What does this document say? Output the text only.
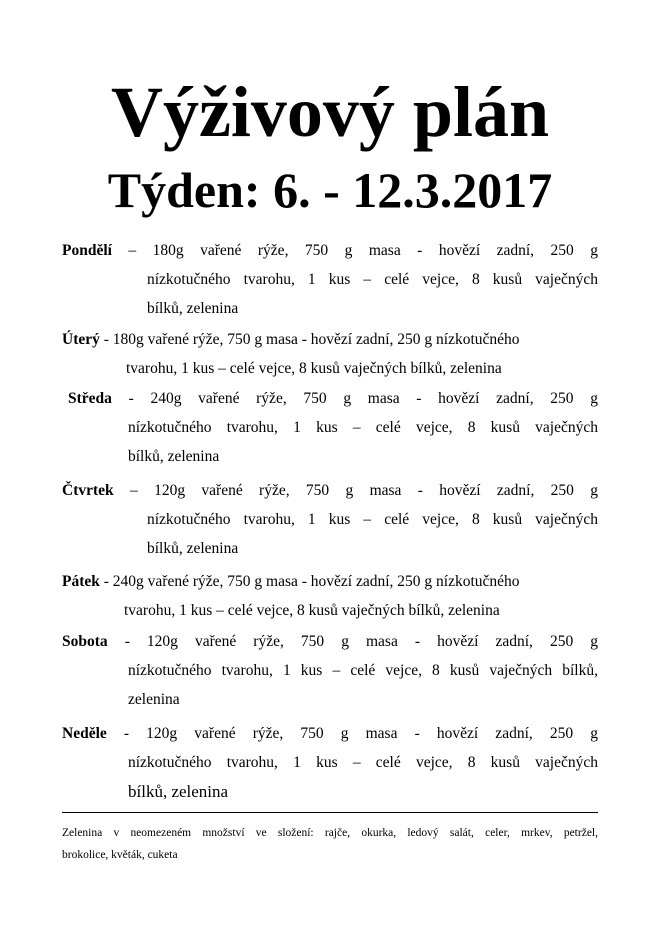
Výživový plán
Týden: 6. - 12.3.2017
Pondělí – 180g vařené rýže, 750 g masa - hovězí zadní, 250 g
nízkotučného tvarohu, 1 kus – celé vejce, 8 kusů vaječných
bílků, zelenina
Úterý - 180g vařené rýže, 750 g masa - hovězí zadní, 250 g nízkotučného
tvarohu, 1 kus – celé vejce, 8 kusů vaječných bílků, zelenina
Středa - 240g vařené rýže, 750 g masa - hovězí zadní, 250 g
nízkotučného tvarohu, 1 kus – celé vejce, 8 kusů vaječných
bílků, zelenina
Čtvrtek – 120g vařené rýže, 750 g masa - hovězí zadní, 250 g
nízkotučného tvarohu, 1 kus – celé vejce, 8 kusů vaječných
bílků, zelenina
Pátek - 240g vařené rýže, 750 g masa - hovězí zadní, 250 g nízkotučného
tvarohu, 1 kus – celé vejce, 8 kusů vaječných bílků, zelenina
Sobota - 120g vařené rýže, 750 g masa - hovězí zadní, 250 g
nízkotučného tvarohu, 1 kus – celé vejce, 8 kusů vaječných bílků,
zelenina
Neděle - 120g vařené rýže, 750 g masa - hovězí zadní, 250 g
nízkotučného tvarohu, 1 kus – celé vejce, 8 kusů vaječných
bílků, zelenina
Zelenina v neomezeném množství ve složení: rajče, okurka, ledový salát, celer, mrkev, petržel,
brokolice, květák, cuketa
